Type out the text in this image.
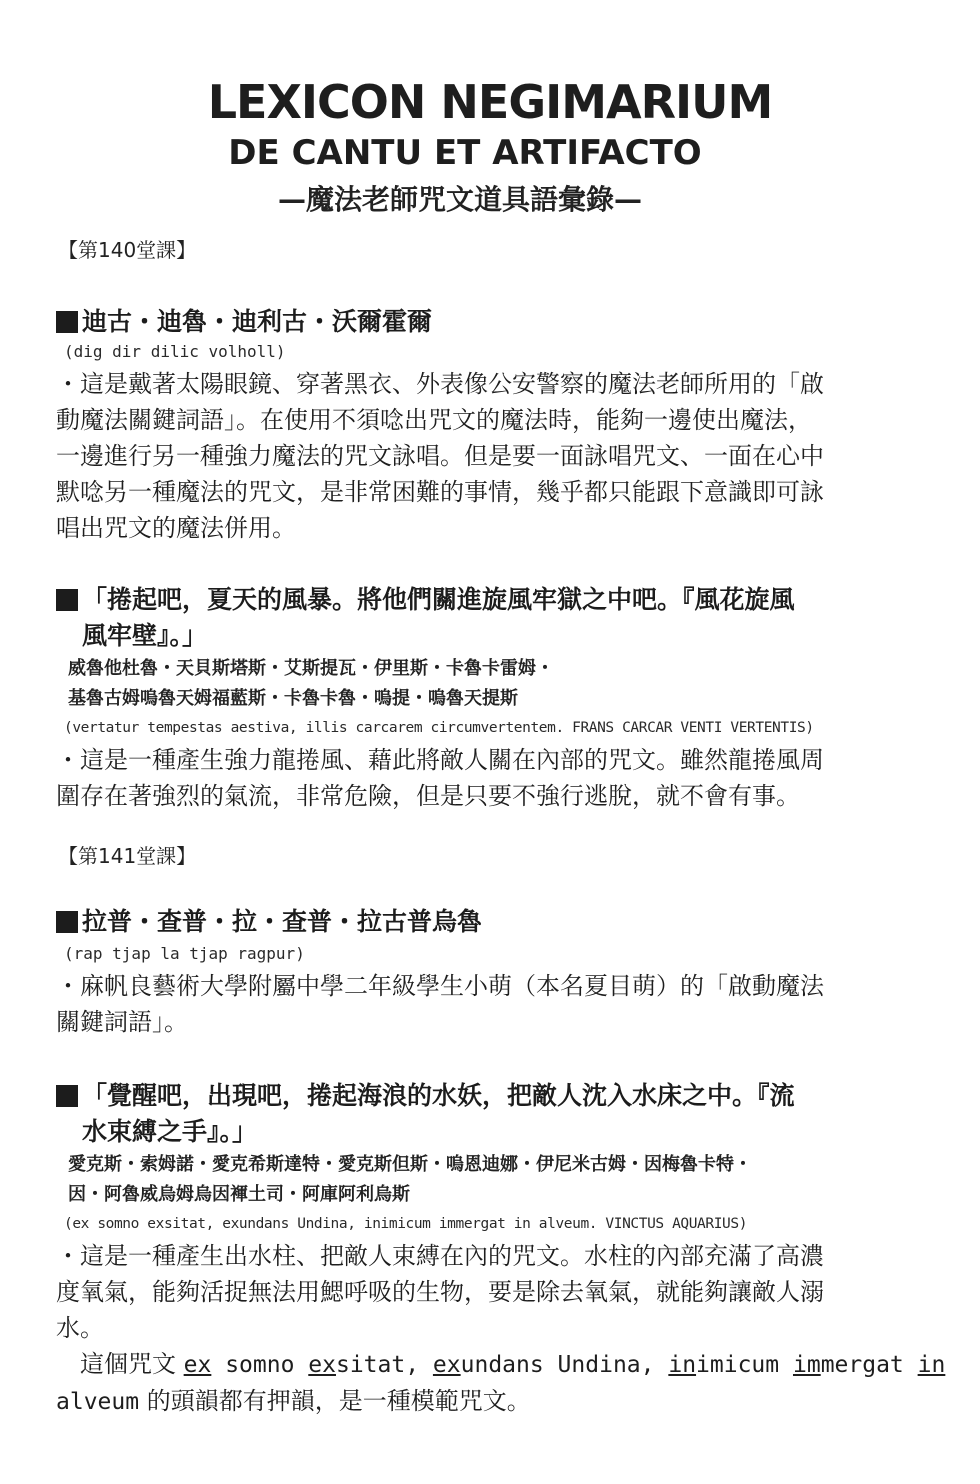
LEXICON NEGIMARIUM
DE CANTU ET ARTIFACTO
—魔法老師咒文道具語彙錄—
【第140堂課】
迪古・迪魯・迪利古・沃爾霍爾
(dig dir dilic volholl)
・這是戴著太陽眼鏡、穿著黑衣、外表像公安警察的魔法老師所用的「啟
動魔法關鍵詞語」。在使用不須唸出咒文的魔法時，能夠一邊使出魔法，
一邊進行另一種強力魔法的咒文詠唱。但是要一面詠唱咒文、一面在心中
默唸另一種魔法的咒文，是非常困難的事情，幾乎都只能跟下意識即可詠
唱出咒文的魔法併用。
「捲起吧，夏天的風暴。將他們關進旋風牢獄之中吧。『風花旋風
風牢壁』。」
威魯他杜魯・天貝斯塔斯・艾斯提瓦・伊里斯・卡魯卡雷姆・
基魯古姆嗚魯天姆福藍斯・卡魯卡魯・嗚提・嗚魯天提斯
(vertatur tempestas aestiva, illis carcarem circumvertentem. FRANS CARCAR VENTI VERTENTIS)
・這是一種產生強力龍捲風、藉此將敵人關在內部的咒文。雖然龍捲風周
圍存在著強烈的氣流，非常危險，但是只要不強行逃脫，就不會有事。
【第141堂課】
拉普・查普・拉・查普・拉古普烏魯
(rap tjap la tjap ragpur)
・麻帆良藝術大學附屬中學二年級學生小萌（本名夏目萌）的「啟動魔法
關鍵詞語」。
「覺醒吧，出現吧，捲起海浪的水妖，把敵人沈入水床之中。『流
水束縛之手』。」
愛克斯・索姆諾・愛克希斯達特・愛克斯但斯・嗚恩迪娜・伊尼米古姆・因梅魯卡特・
因・阿魯威烏姆烏因褌土司・阿庫阿利烏斯
(ex somno exsitat, exundans Undina, inimicum immergat in alveum. VINCTUS AQUARIUS)
・這是一種產生出水柱、把敵人束縛在內的咒文。水柱的內部充滿了高濃
度氧氣，能夠活捉無法用鰓呼吸的生物，要是除去氧氣，就能夠讓敵人溺
水。
這個咒文 ex somno exsitat, exundans Undina, inimicum immergat in
alveum 的頭韻都有押韻，是一種模範咒文。
